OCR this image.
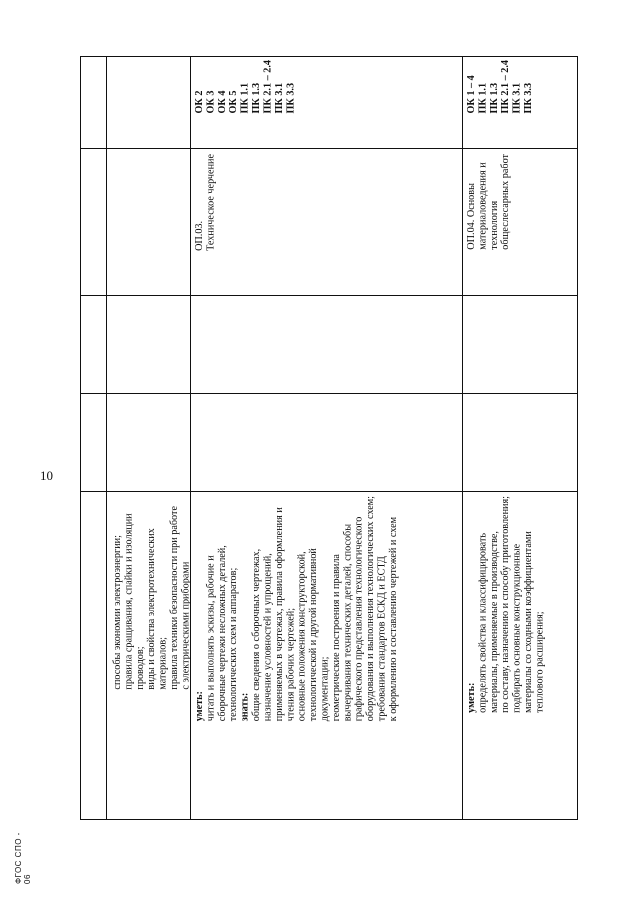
10
ФГОС СПО - 06
способы экономии электроэнергии; правила сращивания, спайки и изоляции проводов; виды и свойства электротехнических материалов; правила техники безопасности при работе с электрическими приборами
уметь: читать и выполнять эскизы, рабочие и сборочные чертежи несложных деталей, технологических схем и аппаратов; знать: общие сведения о сборочных чертежах, назначение условностей и упрощений, применяемых в чертежах, правила оформления и чтения рабочих чертежей; основные положения конструкторской, технологической и другой нормативной документации; геометрические построения и правила вычерчивания технических деталей, способы графического представления технологического оборудования и выполнения технологических схем; требования стандартов ЕСКД и ЕСТД к оформлению и составлению чертежей и схем
ОП.03. Техническое черчение
ОК 2 ОК 3 ОК 4 ОК 5 ПК 1.1 ПК 1.3 ПК 2.1 – 2.4 ПК 3.1 ПК 3.3
уметь: определять свойства и классифицировать материалы, применяемые в производстве, по составу, назначению и способу приготовления; подбирать основные конструкционные материалы со сходными коэффициентами теплового расширения;
ОП.04. Основы материаловедения и технология общеслесарных работ
ОК 1 – 4 ПК 1.1 ПК 1.3 ПК 2.1 – 2.4 ПК 3.1 ПК 3.3
